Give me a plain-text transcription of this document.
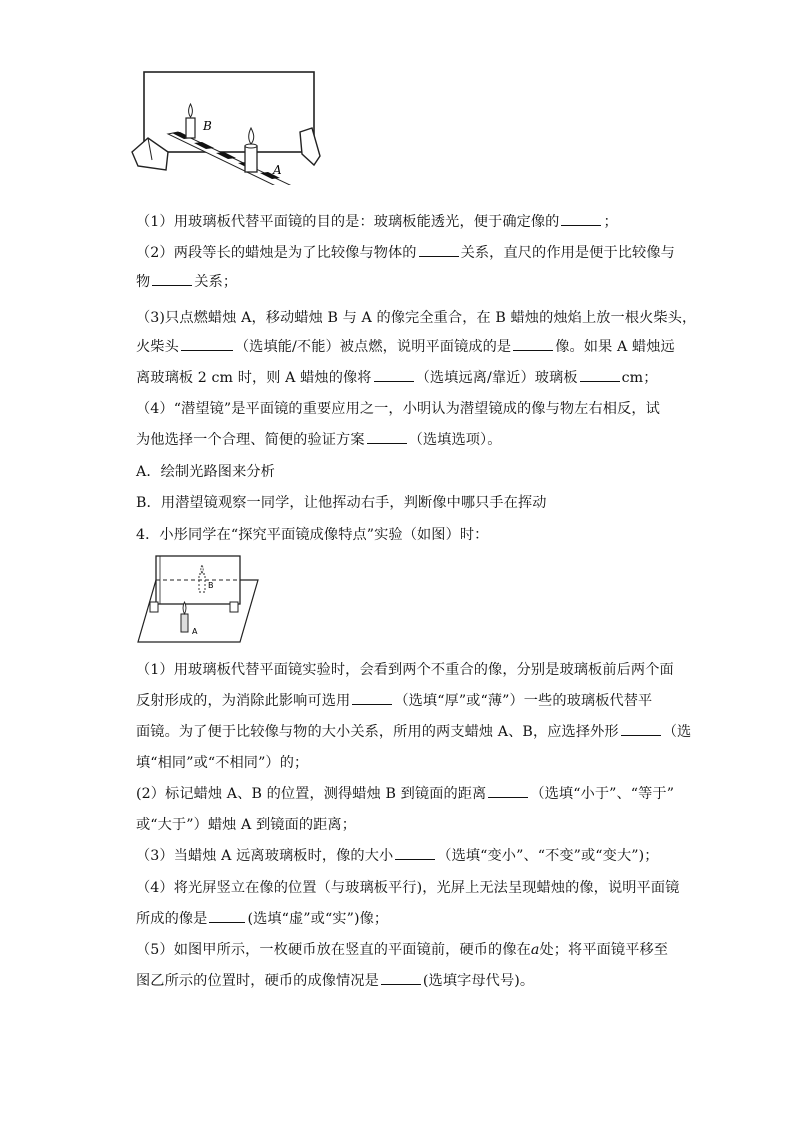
B
A
（1）用玻璃板代替平面镜的目的是：玻璃板能透光，便于确定像的	；
（2）两段等长的蜡烛是为了比较像与物体的	关系，直尺的作用是便于比较像与
物	关系；
（3)只点燃蜡烛 A，移动蜡烛 B 与 A 的像完全重合，在 B 蜡烛的烛焰上放一根火柴头，
火柴头	（选填能/不能）被点燃，说明平面镜成的是	像。如果 A 蜡烛远
离玻璃板 2 cm 时，则 A 蜡烛的像将	（选填远离/靠近）玻璃板	cm；
（4）“潜望镜”是平面镜的重要应用之一，小明认为潜望镜成的像与物左右相反，试
为他选择一个合理、简便的验证方案	（选填选项）。
A．绘制光路图来分析
B．用潜望镜观察一同学，让他挥动右手，判断像中哪只手在挥动
4．小彤同学在“探究平面镜成像特点”实验（如图）时：
B
A
（1）用玻璃板代替平面镜实验时，会看到两个不重合的像，分别是玻璃板前后两个面
反射形成的，为消除此影响可选用	（选填“厚”或“薄”）一些的玻璃板代替平
面镜。为了便于比较像与物的大小关系，所用的两支蜡烛 A、B，应选择外形	（选
填“相同”或“不相同”）的；
(2）标记蜡烛 A、B 的位置，测得蜡烛 B 到镜面的距离	（选填“小于”、“等于”
或“大于”）蜡烛 A 到镜面的距离；
（3）当蜡烛 A 远离玻璃板时，像的大小	（选填“变小”、“不变”或“变大”)；
（4）将光屏竖立在像的位置（与玻璃板平行)，光屏上无法呈现蜡烛的像，说明平面镜
所成的像是	(选填“虚”或“实”)像；
（5）如图甲所示，一枚硬币放在竖直的平面镜前，硬币的像在a处；将平面镜平移至
图乙所示的位置时，硬币的成像情况是	(选填字母代号)。
